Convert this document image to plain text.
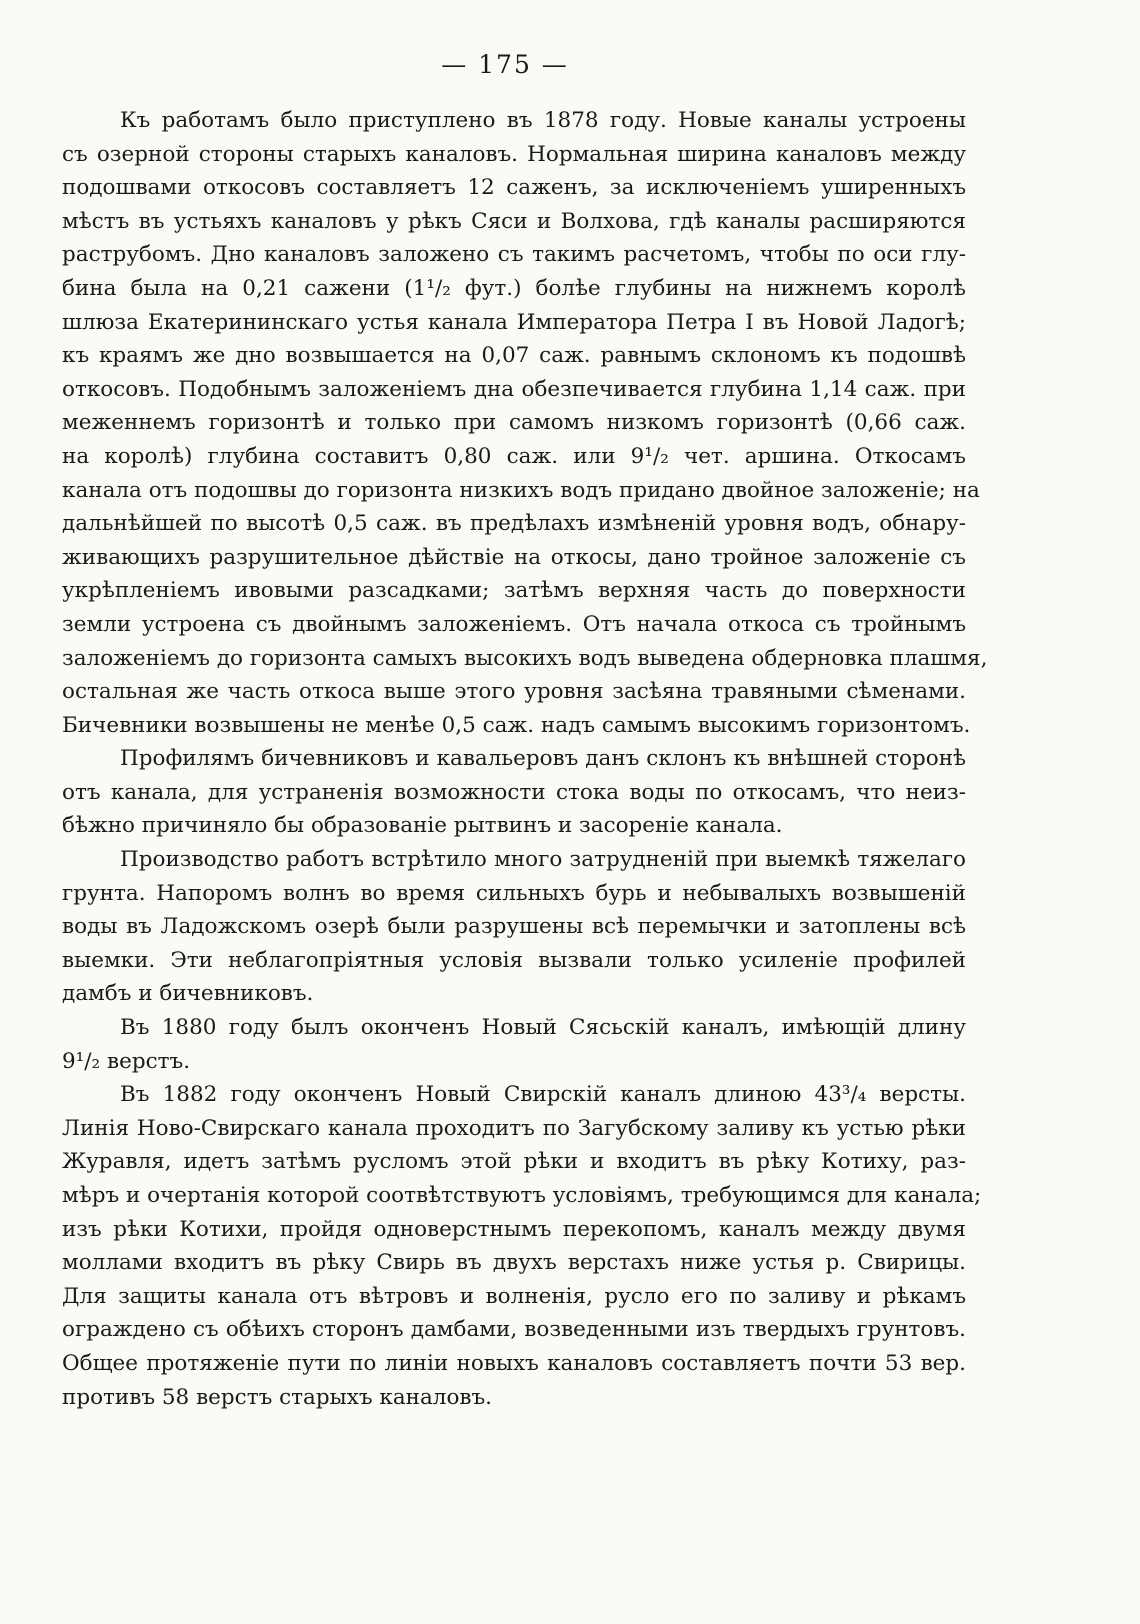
— 175 —
Къ работамъ было приступлено въ 1878 году. Новые каналы устроены
съ озерной стороны старыхъ каналовъ. Нормальная ширина каналовъ между
подошвами откосовъ составляетъ 12 саженъ, за исключеніемъ уширенныхъ
мѣстъ въ устьяхъ каналовъ у рѣкъ Сяси и Волхова, гдѣ каналы расширяются
раструбомъ. Дно каналовъ заложено съ такимъ расчетомъ, чтобы по оси глу-
бина была на 0,21 сажени (1¹/₂ фут.) болѣе глубины на нижнемъ королѣ
шлюза Екатерининскаго устья канала Императора Петра I въ Новой Ладогѣ;
къ краямъ же дно возвышается на 0,07 саж. равнымъ склономъ къ подошвѣ
откосовъ. Подобнымъ заложеніемъ дна обезпечивается глубина 1,14 саж. при
меженнемъ горизонтѣ и только при самомъ низкомъ горизонтѣ (0,66 саж.
на королѣ) глубина составитъ 0,80 саж. или 9¹/₂ чет. аршина. Откосамъ
канала отъ подошвы до горизонта низкихъ водъ придано двойное заложеніе; на
дальнѣйшей по высотѣ 0,5 саж. въ предѣлахъ измѣненій уровня водъ, обнару-
живающихъ разрушительное дѣйствіе на откосы, дано тройное заложеніе съ
укрѣпленіемъ ивовыми разсадками; затѣмъ верхняя часть до поверхности
земли устроена съ двойнымъ заложеніемъ. Отъ начала откоса съ тройнымъ
заложеніемъ до горизонта самыхъ высокихъ водъ выведена обдерновка плашмя,
остальная же часть откоса выше этого уровня засѣяна травяными сѣменами.
Бичевники возвышены не менѣе 0,5 саж. надъ самымъ высокимъ горизонтомъ.
Профилямъ бичевниковъ и кавальеровъ данъ склонъ къ внѣшней сторонѣ
отъ канала, для устраненія возможности стока воды по откосамъ, что неиз-
бѣжно причиняло бы образованіе рытвинъ и засореніе канала.
Производство работъ встрѣтило много затрудненій при выемкѣ тяжелаго
грунта. Напоромъ волнъ во время сильныхъ бурь и небывалыхъ возвышеній
воды въ Ладожскомъ озерѣ были разрушены всѣ перемычки и затоплены всѣ
выемки. Эти неблагопріятныя условія вызвали только усиленіе профилей
дамбъ и бичевниковъ.
Въ 1880 году былъ оконченъ Новый Сясьскій каналъ, имѣющій длину
9¹/₂ верстъ.
Въ 1882 году оконченъ Новый Свирскій каналъ длиною 43³/₄ версты.
Линія Ново-Свирскаго канала проходитъ по Загубскому заливу къ устью рѣки
Журавля, идетъ затѣмъ русломъ этой рѣки и входитъ въ рѣку Котиху, раз-
мѣръ и очертанія которой соотвѣтствуютъ условіямъ, требующимся для канала;
изъ рѣки Котихи, пройдя одноверстнымъ перекопомъ, каналъ между двумя
моллами входитъ въ рѣку Свирь въ двухъ верстахъ ниже устья р. Свирицы.
Для защиты канала отъ вѣтровъ и волненія, русло его по заливу и рѣкамъ
ограждено съ обѣихъ сторонъ дамбами, возведенными изъ твердыхъ грунтовъ.
Общее протяженіе пути по линіи новыхъ каналовъ составляетъ почти 53 вер.
противъ 58 верстъ старыхъ каналовъ.
